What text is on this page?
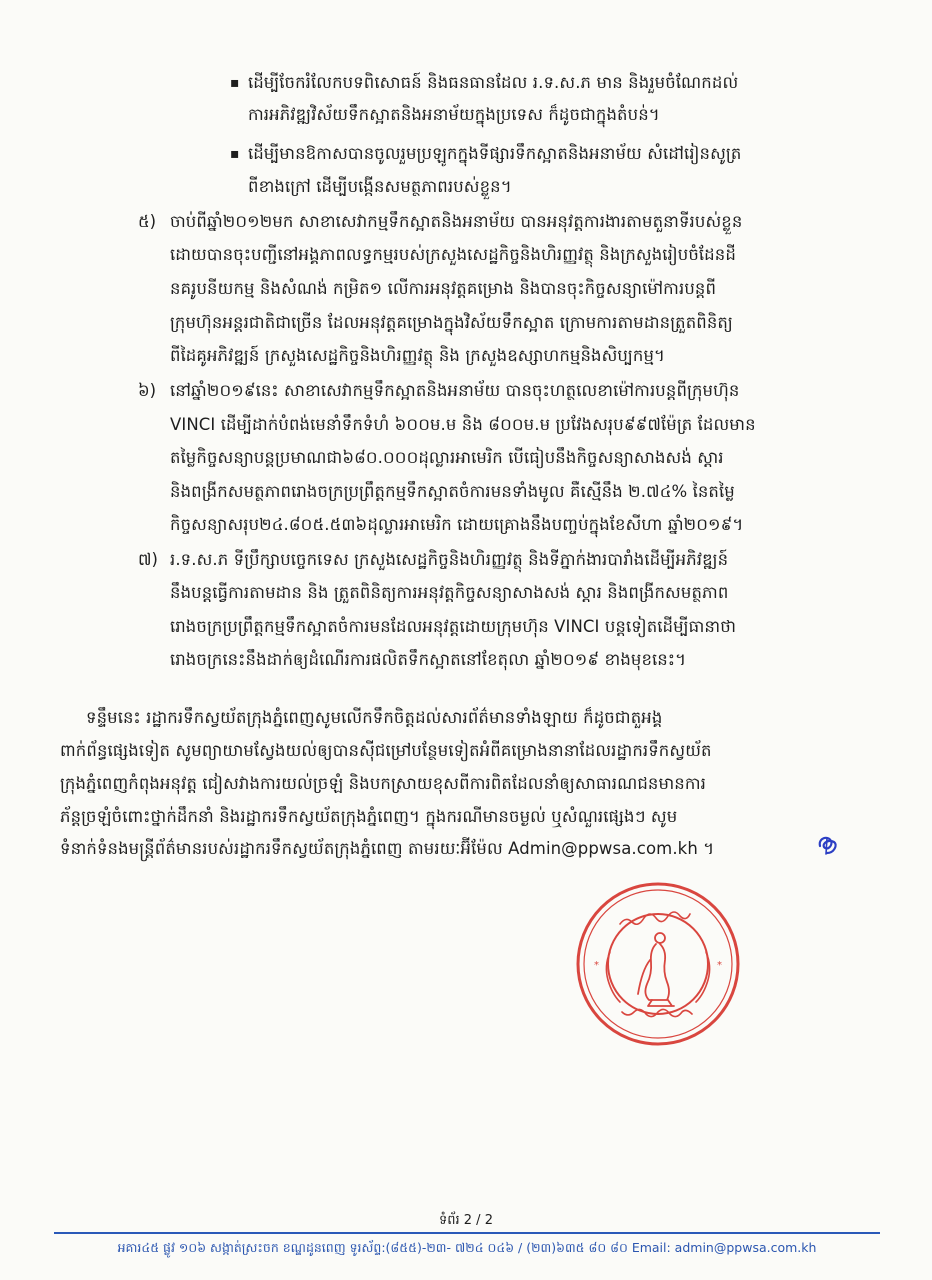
▪ ដើម្បីចែករំលែកបទពិសោធន៍ និងធនធានដែល រ.ទ.ស.ភ មាន និងរួមចំណែកដល់
ការអភិវឌ្ឍវិស័យទឹកស្អាតនិងអនាម័យក្នុងប្រទេស ក៏ដូចជាក្នុងតំបន់។
▪ ដើម្បីមានឱកាសបានចូលរួមប្រឡូកក្នុងទីផ្សារទឹកស្អាតនិងអនាម័យ សំដៅរៀនសូត្រ
ពីខាងក្រៅ ដើម្បីបង្កើនសមត្ថភាពរបស់ខ្លួន។
៥) ចាប់ពីឆ្នាំ២០១២មក សាខាសេវាកម្មទឹកស្អាតនិងអនាម័យ បានអនុវត្តការងារតាមតួនាទីរបស់ខ្លួន
ដោយបានចុះបញ្ជីនៅអង្គភាពលទ្ធកម្មរបស់ក្រសួងសេដ្ឋកិច្ចនិងហិរញ្ញវត្ថុ និងក្រសួងរៀបចំដែនដី
នគរូបនីយកម្ម និងសំណង់ កម្រិត១ លើការអនុវត្តគម្រោង និងបានចុះកិច្ចសន្យាម៉ៅការបន្តពី
ក្រុមហ៊ុនអន្តរជាតិជាច្រើន ដែលអនុវត្តគម្រោងក្នុងវិស័យទឹកស្អាត ក្រោមការតាមដានត្រួតពិនិត្យ
ពីដៃគូអភិវឌ្ឍន៍ ក្រសួងសេដ្ឋកិច្ចនិងហិរញ្ញវត្ថុ និង ក្រសួងឧស្សាហកម្មនិងសិប្បកម្ម។
៦) នៅឆ្នាំ២០១៩នេះ សាខាសេវាកម្មទឹកស្អាតនិងអនាម័យ បានចុះហត្ថលេខាម៉ៅការបន្តពីក្រុមហ៊ុន
VINCI ដើម្បីដាក់បំពង់មេនាំទឹកទំហំ ៦០០ម.ម និង ៨០០ម.ម ប្រវែងសរុប៩៩៧ម៉ែត្រ ដែលមាន
តម្លៃកិច្ចសន្យាបន្តប្រមាណជា៦៨០.០០០ដុល្លារអាមេរិក បើធៀបនឹងកិច្ចសន្យាសាងសង់ ស្ដារ
និងពង្រីកសមត្ថភាពរោងចក្រប្រព្រឹត្តកម្មទឹកស្អាតចំការមនទាំងមូល គឺស្មើនឹង ២.៧៤% នៃតម្លៃ
កិច្ចសន្យាសរុប២៤.៨០៥.៥៣៦ដុល្លារអាមេរិក ដោយគ្រោងនឹងបញ្ចប់ក្នុងខែសីហា ឆ្នាំ២០១៩។
៧) រ.ទ.ស.ភ ទីប្រឹក្សាបច្ចេកទេស ក្រសួងសេដ្ឋកិច្ចនិងហិរញ្ញវត្ថុ និងទីភ្នាក់ងារបារាំងដើម្បីអភិវឌ្ឍន៍
នឹងបន្តធ្វើការតាមដាន និង ត្រួតពិនិត្យការអនុវត្តកិច្ចសន្យាសាងសង់ ស្ដារ និងពង្រីកសមត្ថភាព
រោងចក្រប្រព្រឹត្តកម្មទឹកស្អាតចំការមនដែលអនុវត្តដោយក្រុមហ៊ុន VINCI បន្តទៀតដើម្បីធានាថា
រោងចក្រនេះនឹងដាក់ឲ្យដំណើរការផលិតទឹកស្អាតនៅខែតុលា ឆ្នាំ២០១៩ ខាងមុខនេះ។
ទន្ទឹមនេះ រដ្ឋាករទឹកស្វយ័តក្រុងភ្នំពេញសូមលើកទឹកចិត្តដល់សារព័ត៌មានទាំងឡាយ ក៏ដូចជាតួអង្គ
ពាក់ព័ន្ធផ្សេងទៀត សូមព្យាយាមស្វែងយល់ឲ្យបានស៊ីជម្រៅបន្ថែមទៀតអំពីគម្រោងនានាដែលរដ្ឋាករទឹកស្វយ័ត
ក្រុងភ្នំពេញកំពុងអនុវត្ត ជៀសវាងការយល់ច្រឡំ និងបកស្រាយខុសពីការពិតដែលនាំឲ្យសាធារណជនមានការ
ភ័ន្តច្រឡំចំពោះថ្នាក់ដឹកនាំ និងរដ្ឋាករទឹកស្វយ័តក្រុងភ្នំពេញ។ ក្នុងករណីមានចម្ងល់ ឬសំណួរផ្សេងៗ សូម
ទំនាក់ទំនងមន្ត្រីព័ត៌មានរបស់រដ្ឋាករទឹកស្វយ័តក្រុងភ្នំពេញ តាមរយៈអ៊ីម៉ែល Admin@ppwsa.com.kh ។
*	*
ទំព័រ 2 / 2
អគារ៤៥ ផ្លូវ ១០៦ សង្កាត់ស្រះចក ខណ្ឌដូនពេញ ទូរស័ព្ទ:(៨៥៥)-២៣- ៧២៤ ០៤៦ / (២៣)៦៣៥ ៨០ ៨០ Email: admin@ppwsa.com.kh
